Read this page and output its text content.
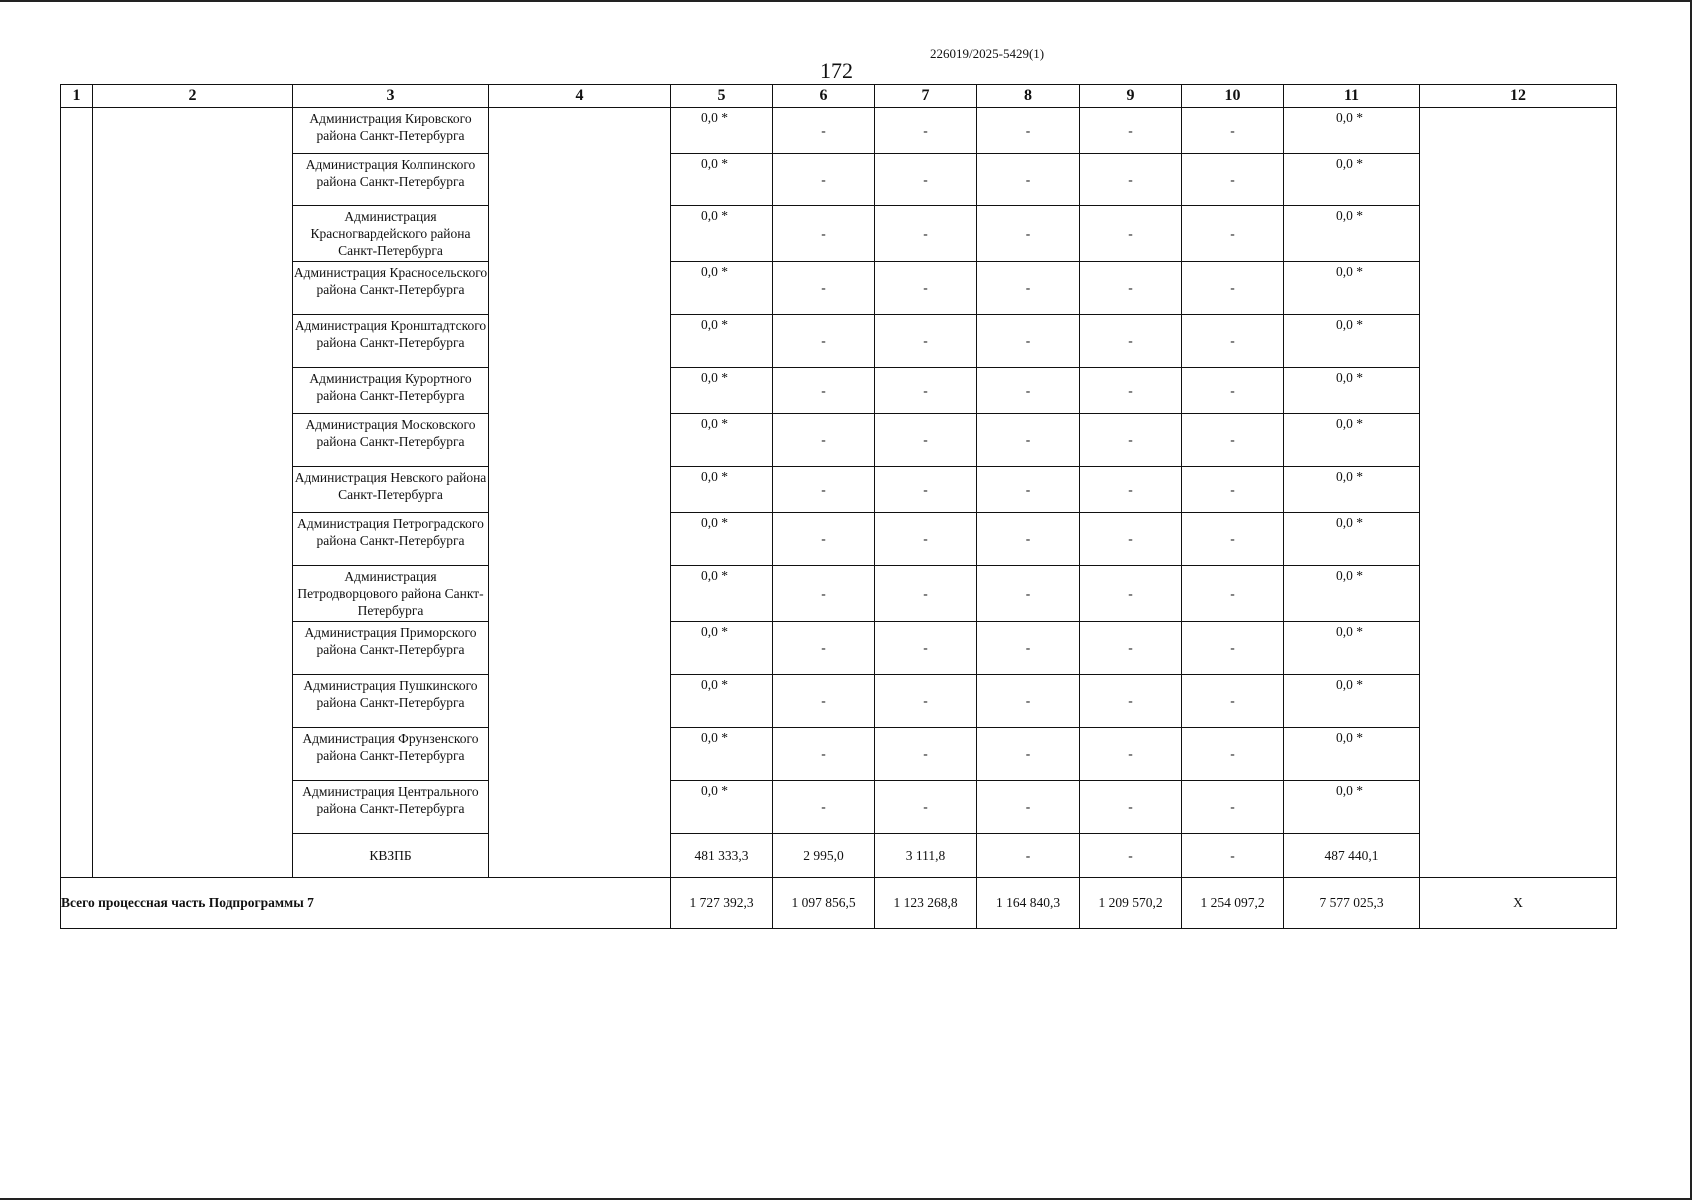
226019/2025-5429(1)
172
1	2	3	4	5	6	7	8	9	10	11	12
		Администрация Кировского района Санкт-Петербурга		0,0 *	-	-	-	-	-	0,0 *	

		Администрация Колпинского района Санкт-Петербурга		0,0 *	-	-	-	-	-	0,0 *	

		Администрация Красногвардейского района Санкт-Петербурга		0,0 *	-	-	-	-	-	0,0 *	

		Администрация Красносельского района Санкт-Петербурга		0,0 *	-	-	-	-	-	0,0 *	

		Администрация Кронштадтского района Санкт-Петербурга		0,0 *	-	-	-	-	-	0,0 *	

		Администрация Курортного района Санкт-Петербурга		0,0 *	-	-	-	-	-	0,0 *	

		Администрация Московского района Санкт-Петербурга		0,0 *	-	-	-	-	-	0,0 *	

		Администрация Невского района Санкт-Петербурга		0,0 *	-	-	-	-	-	0,0 *	

		Администрация Петроградского района Санкт-Петербурга		0,0 *	-	-	-	-	-	0,0 *	

		Администрация Петродворцового района Санкт-Петербурга		0,0 *	-	-	-	-	-	0,0 *	

		Администрация Приморского района Санкт-Петербурга		0,0 *	-	-	-	-	-	0,0 *	

		Администрация Пушкинского района Санкт-Петербурга		0,0 *	-	-	-	-	-	0,0 *	

		Администрация Фрунзенского района Санкт-Петербурга		0,0 *	-	-	-	-	-	0,0 *	

		Администрация Центрального района Санкт-Петербурга		0,0 *	-	-	-	-	-	0,0 *	

		КВЗПБ		481 333,3	2 995,0	3 111,8	-	-	-	487 440,1	
Всего процессная часть Подпрограммы 7				1 727 392,3	1 097 856,5	1 123 268,8	1 164 840,3	1 209 570,2	1 254 097,2	7 577 025,3	Х
